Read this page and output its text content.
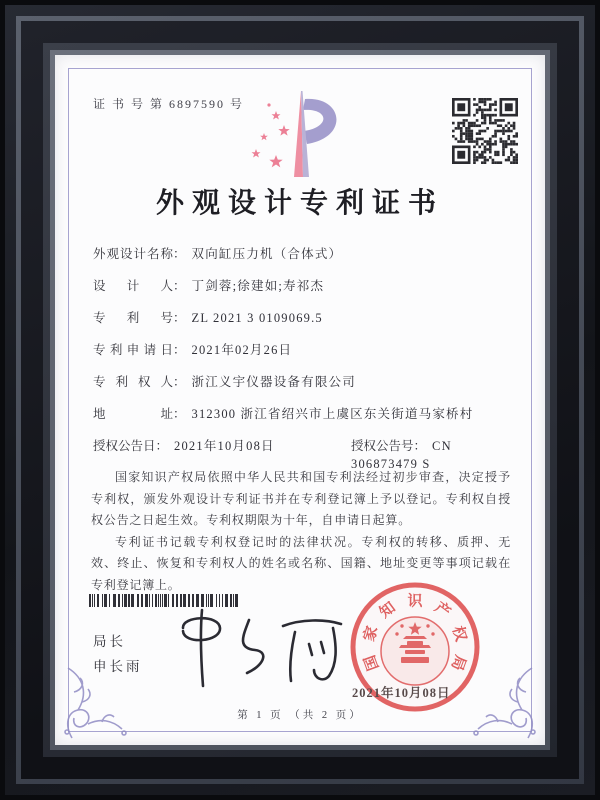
证 书 号 第 6897590 号
外观设计专利证书
外观设计名称： 双向缸压力机（合体式）
设计人： 丁剑蓉;徐建如;寿祁杰
专利号： ZL 2021 3 0109069.5
专利申请日： 2021年02月26日
专利权人： 浙江义宇仪器设备有限公司
地址： 312300 浙江省绍兴市上虞区东关街道马家桥村
授权公告日： 2021年10月08日	授权公告号： CN 306873479 S

国家知识产权局依照中华人民共和国专利法经过初步审查，决定授予专利权，颁发外观设计专利证书并在专利登记簿上予以登记。专利权自授权公告之日起生效。专利权期限为十年，自申请日起算。

专利证书记载专利权登记时的法律状况。专利权的转移、质押、无效、终止、恢复和专利权人的姓名或名称、国籍、地址变更等事项记载在专利登记簿上。

局长
申长雨	国
家
知 识 产
权
局
2021年10月08日
第 1 页 （共 2 页）
